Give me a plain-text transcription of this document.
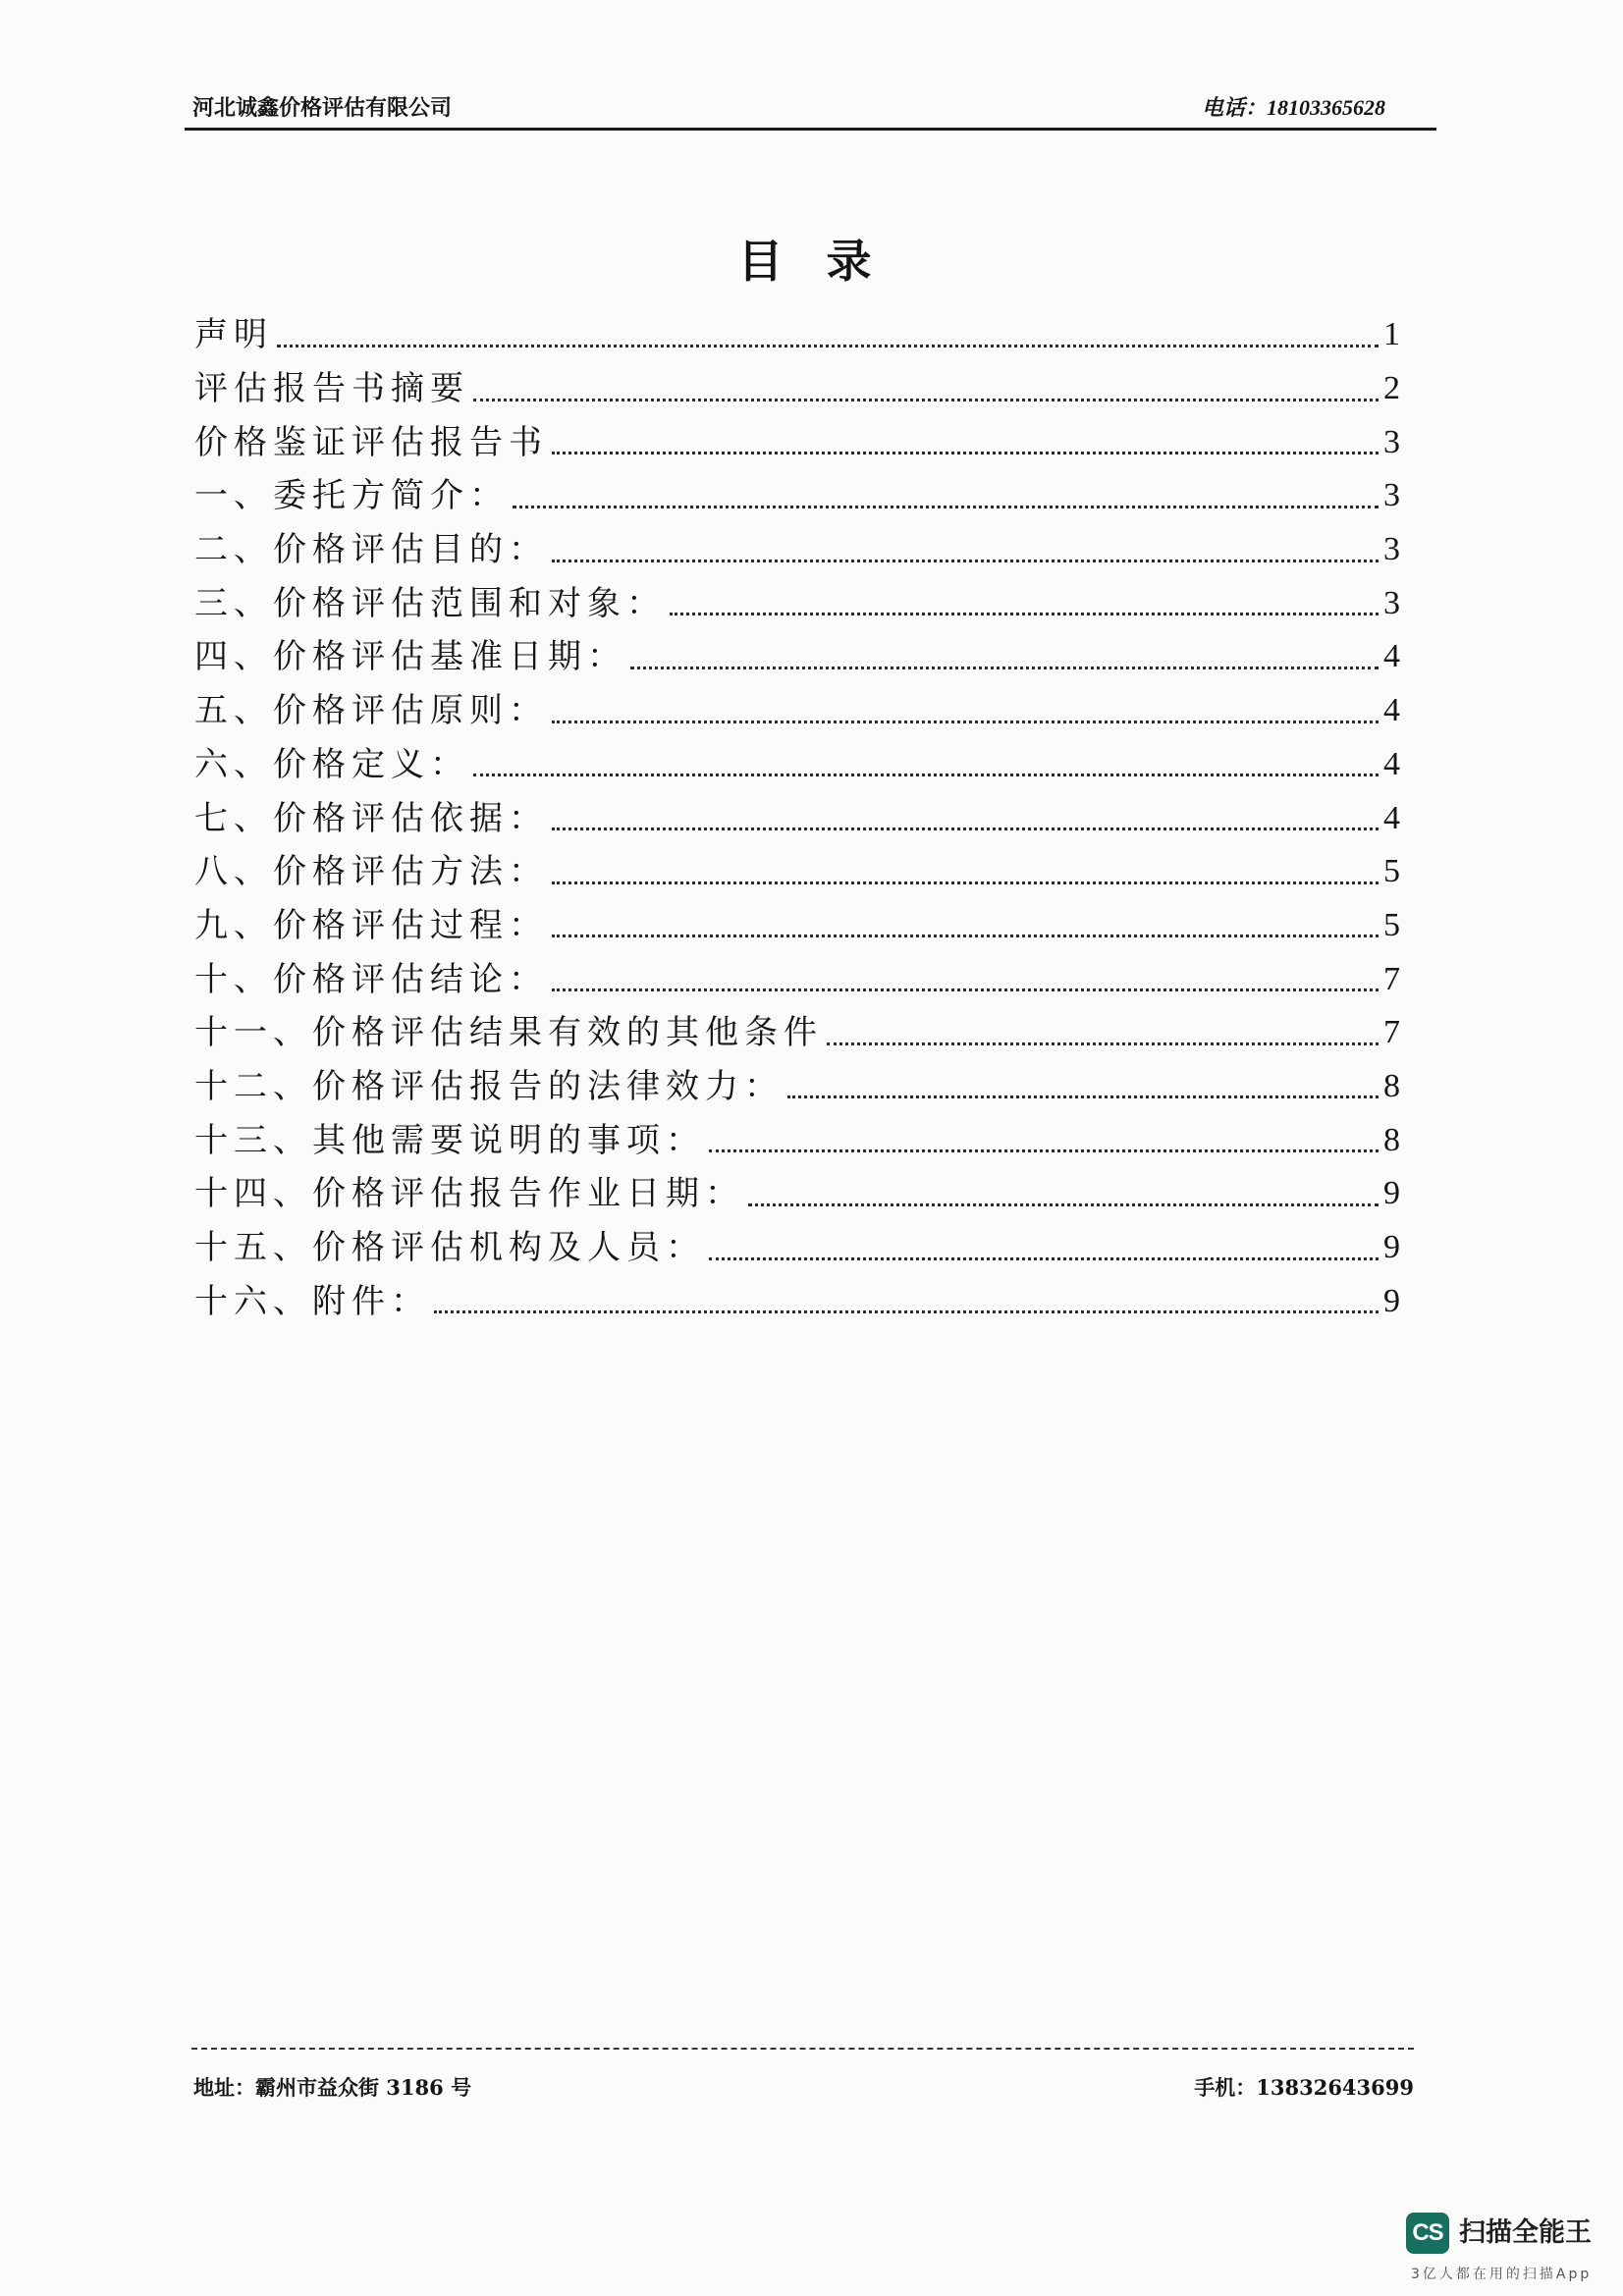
河北诚鑫价格评估有限公司	电话：18103365628
目 录
声明	1
评估报告书摘要	2
价格鉴证评估报告书	3
一、委托方简介：	3
二、价格评估目的：	3
三、价格评估范围和对象：	3
四、价格评估基准日期：	4
五、价格评估原则：	4
六、价格定义：	4
七、价格评估依据：	4
八、价格评估方法：	5
九、价格评估过程：	5
十、价格评估结论：	7
十一、价格评估结果有效的其他条件	7
十二、价格评估报告的法律效力：	8
十三、其他需要说明的事项：	8
十四、价格评估报告作业日期：	9
十五、价格评估机构及人员：	9
十六、附件：	9
地址：霸州市益众街 3186 号	手机：13832643699
CS 扫描全能王
3亿人都在用的扫描App
